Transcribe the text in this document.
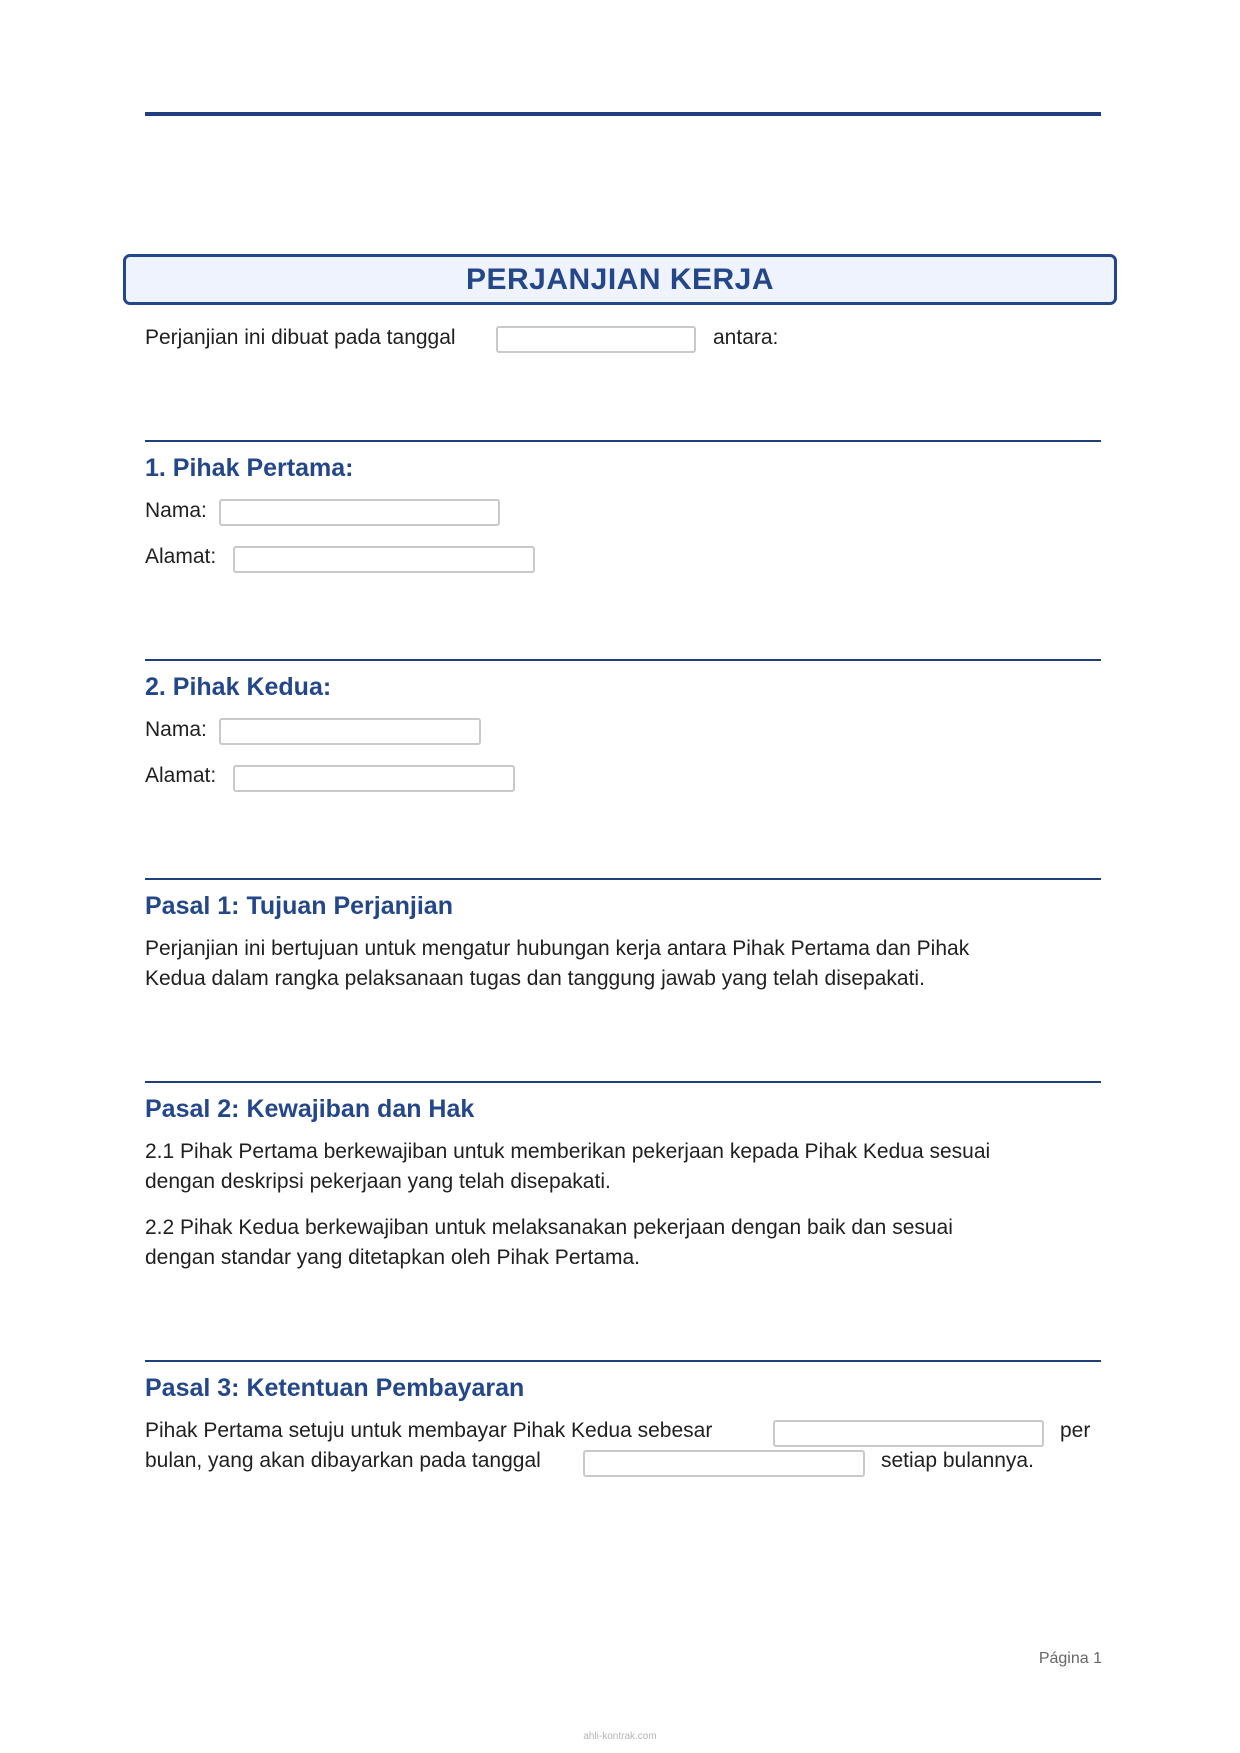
PERJANJIAN KERJA
Perjanjian ini dibuat pada tanggal	antara:
1. Pihak Pertama:
Nama:
Alamat:
2. Pihak Kedua:
Nama:
Alamat:
Pasal 1: Tujuan Perjanjian
Perjanjian ini bertujuan untuk mengatur hubungan kerja antara Pihak Pertama dan Pihak
Kedua dalam rangka pelaksanaan tugas dan tanggung jawab yang telah disepakati.
Pasal 2: Kewajiban dan Hak
2.1 Pihak Pertama berkewajiban untuk memberikan pekerjaan kepada Pihak Kedua sesuai
dengan deskripsi pekerjaan yang telah disepakati.
2.2 Pihak Kedua berkewajiban untuk melaksanakan pekerjaan dengan baik dan sesuai
dengan standar yang ditetapkan oleh Pihak Pertama.
Pasal 3: Ketentuan Pembayaran
Pihak Pertama setuju untuk membayar Pihak Kedua sebesar	per
bulan, yang akan dibayarkan pada tanggal	setiap bulannya.
Página 1
ahli-kontrak.com
